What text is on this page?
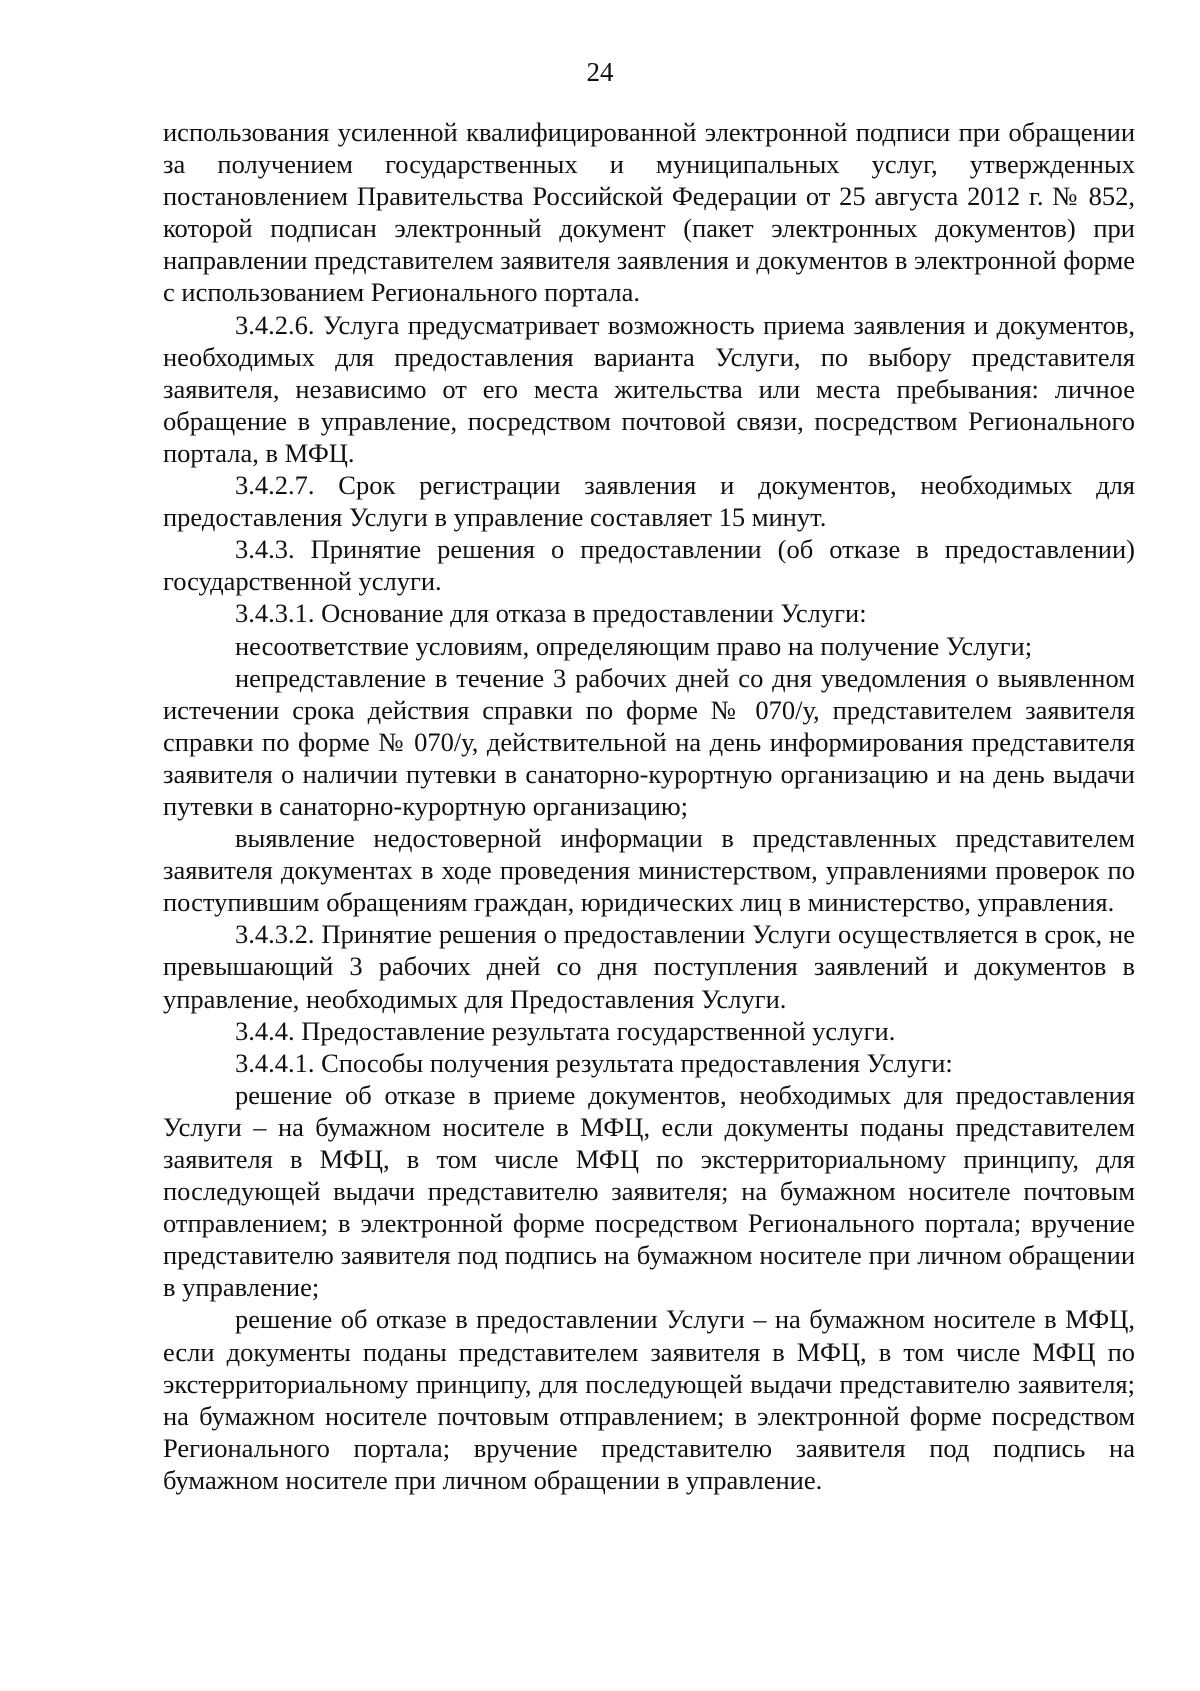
24

использования усиленной квалифицированной электронной подписи при обращении за получением государственных и муниципальных услуг, утвержденных постановлением Правительства Российской Федерации от 25 августа 2012 г. № 852, которой подписан электронный документ (пакет электронных документов) при направлении представителем заявителя заявления и документов в электронной форме с использованием Регионального портала.

3.4.2.6. Услуга предусматривает возможность приема заявления и документов, необходимых для предоставления варианта Услуги, по выбору представителя заявителя, независимо от его места жительства или места пребывания: личное обращение в управление, посредством почтовой связи, посредством Регионального портала, в МФЦ.

3.4.2.7. Срок регистрации заявления и документов, необходимых для предоставления Услуги в управление составляет 15 минут.

3.4.3. Принятие решения о предоставлении (об отказе в предоставлении) государственной услуги.

3.4.3.1. Основание для отказа в предоставлении Услуги:

несоответствие условиям, определяющим право на получение Услуги;

непредставление в течение 3 рабочих дней со дня уведомления о выявленном истечении срока действия справки по форме № 070/у, представителем заявителя справки по форме № 070/у, действительной на день информирования представителя заявителя о наличии путевки в санаторно-курортную организацию и на день выдачи путевки в санаторно-курортную организацию;

выявление недостоверной информации в представленных представителем заявителя документах в ходе проведения министерством, управлениями проверок по поступившим обращениям граждан, юридических лиц в министерство, управления.

3.4.3.2. Принятие решения о предоставлении Услуги осуществляется в срок, не превышающий 3 рабочих дней со дня поступления заявлений и документов в управление, необходимых для Предоставления Услуги.

3.4.4. Предоставление результата государственной услуги.

3.4.4.1. Способы получения результата предоставления Услуги:

решение об отказе в приеме документов, необходимых для предоставления Услуги – на бумажном носителе в МФЦ, если документы поданы представителем заявителя в МФЦ, в том числе МФЦ по экстерриториальному принципу, для последующей выдачи представителю заявителя; на бумажном носителе почтовым отправлением; в электронной форме посредством Регионального портала; вручение представителю заявителя под подпись на бумажном носителе при личном обращении в управление;

решение об отказе в предоставлении Услуги – на бумажном носителе в МФЦ, если документы поданы представителем заявителя в МФЦ, в том числе МФЦ по экстерриториальному принципу, для последующей выдачи представителю заявителя; на бумажном носителе почтовым отправлением; в электронной форме посредством Регионального портала; вручение представителю заявителя под подпись на бумажном носителе при личном обращении в управление.
